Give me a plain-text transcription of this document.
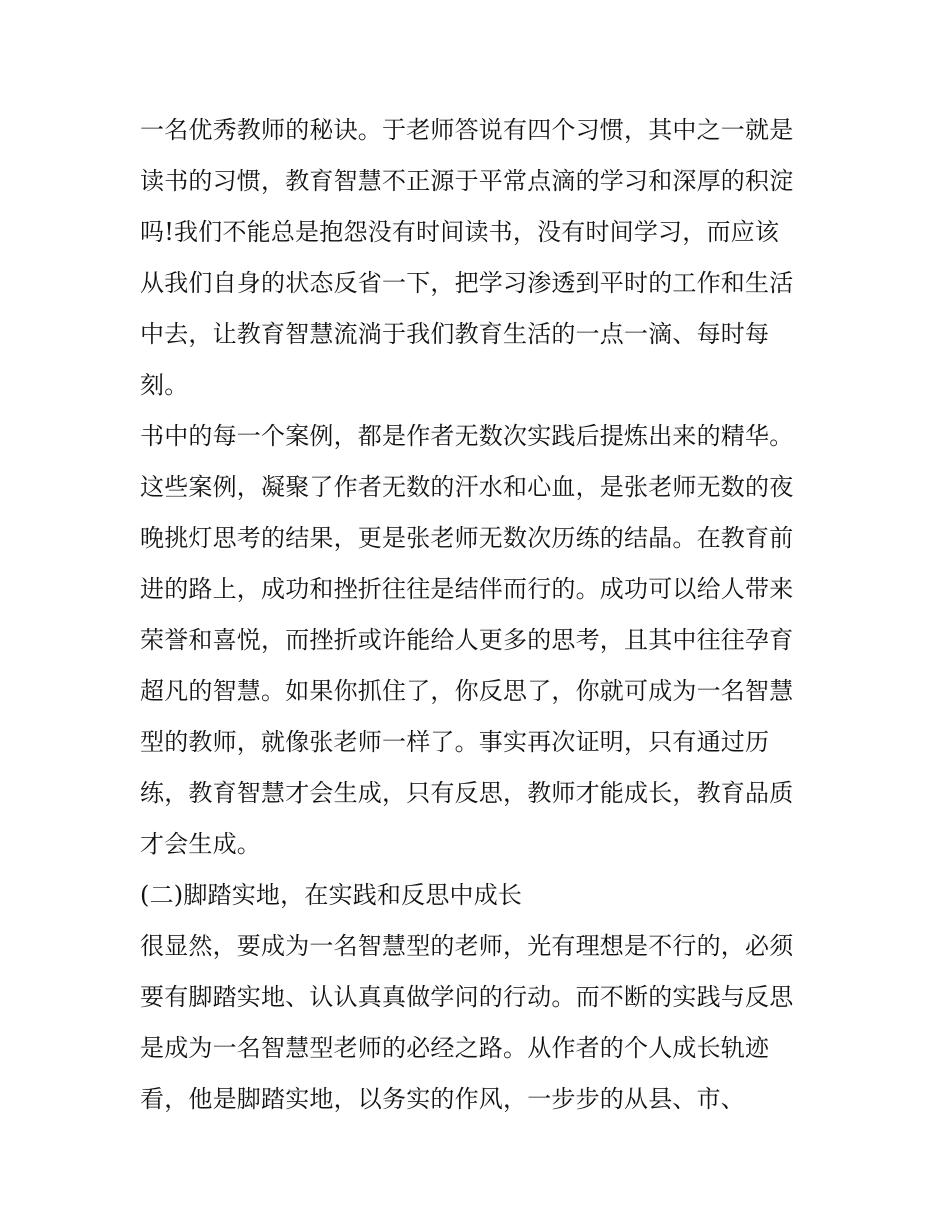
一名优秀教师的秘诀。于老师答说有四个习惯，其中之一就是
读书的习惯，教育智慧不正源于平常点滴的学习和深厚的积淀
吗!我们不能总是抱怨没有时间读书，没有时间学习，而应该
从我们自身的状态反省一下，把学习渗透到平时的工作和生活
中去，让教育智慧流淌于我们教育生活的一点一滴、每时每
刻。
书中的每一个案例，都是作者无数次实践后提炼出来的精华。
这些案例，凝聚了作者无数的汗水和心血，是张老师无数的夜
晚挑灯思考的结果，更是张老师无数次历练的结晶。在教育前
进的路上，成功和挫折往往是结伴而行的。成功可以给人带来
荣誉和喜悦，而挫折或许能给人更多的思考，且其中往往孕育
超凡的智慧。如果你抓住了，你反思了，你就可成为一名智慧
型的教师，就像张老师一样了。事实再次证明，只有通过历
练，教育智慧才会生成，只有反思，教师才能成长，教育品质
才会生成。
(二)脚踏实地，在实践和反思中成长
很显然，要成为一名智慧型的老师，光有理想是不行的，必须
要有脚踏实地、认认真真做学问的行动。而不断的实践与反思
是成为一名智慧型老师的必经之路。从作者的个人成长轨迹
看，他是脚踏实地，以务实的作风，一步步的从县、市、
